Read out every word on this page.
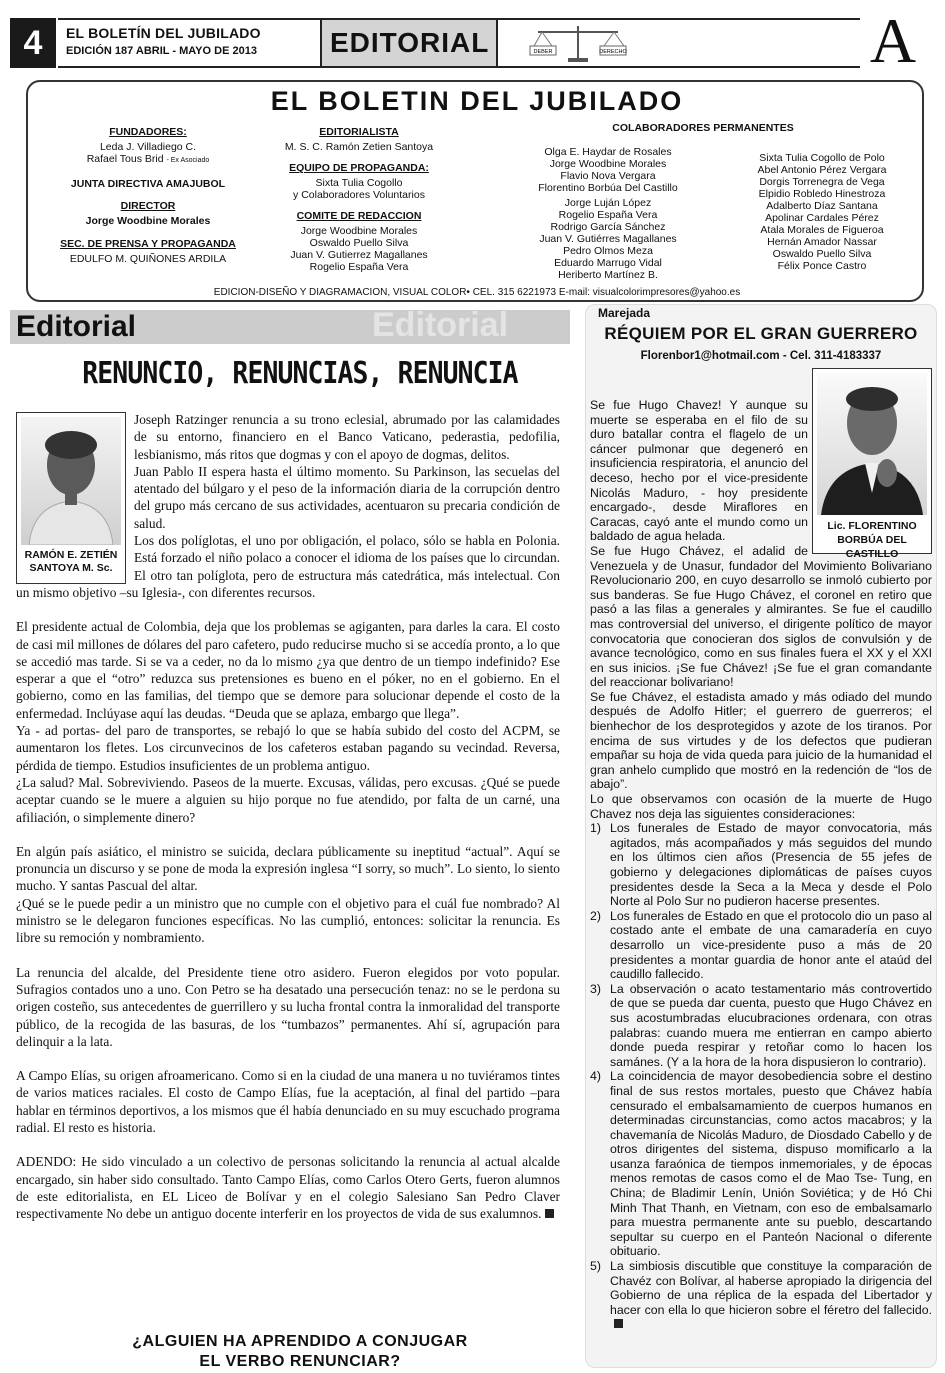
4	EL BOLETÍN DEL JUBILADO
EDICIÓN 187 ABRIL - MAYO DE 2013	EDITORIAL	DEBER	DERECHO	A
EL BOLETIN DEL JUBILADO
FUNDADORES:
Leda J. Villadiego C.
Rafael Tous Brid - Ex Asociado
JUNTA DIRECTIVA AMAJUBOL
DIRECTOR
Jorge Woodbine Morales
SEC. DE PRENSA Y PROPAGANDA
EDULFO M. QUIÑONES ARDILA
EDITORIALISTA
M. S. C. Ramón Zetien Santoya
EQUIPO DE PROPAGANDA:
Sixta Tulia Cogollo
y Colaboradores Voluntarios
COMITE DE REDACCION
Jorge Woodbine Morales
Oswaldo Puello Silva
Juan V. Gutierrez Magallanes
Rogelio España Vera
COLABORADORES PERMANENTES
Olga E. Haydar de Rosales
Jorge Woodbine Morales
Flavio Nova Vergara
Florentino Borbúa Del Castillo
Jorge Luján López
Rogelio España Vera
Rodrigo García Sánchez
Juan V. Gutiérres Magallanes
Pedro Olmos Meza
Eduardo Marrugo Vidal
Heriberto Martínez B.
Sixta Tulia Cogollo de Polo
Abel Antonio Pérez Vergara
Dorgis Torrenegra de Vega
Elpidio Robledo Hinestroza
Adalberto Díaz Santana
Apolinar Cardales Pérez
Atala Morales de Figueroa
Hernán Amador Nassar
Oswaldo Puello Silva
Félix Ponce Castro
EDICION-DISEÑO Y DIAGRAMACION, VISUAL COLOR• CEL. 315 6221973 E-mail: visualcolorimpresores@yahoo.es
Editorial
Editorial
RENUNCIO, RENUNCIAS, RENUNCIA
RAMÓN E. ZETIÉN
SANTOYA M. Sc.

Joseph Ratzinger renuncia a su trono eclesial, abrumado por las calamidades de su entorno, financiero en el Banco Vaticano, pederastia, pedofilia, lesbianismo, más ritos que dogmas y con el apoyo de dogmas, delitos.

Juan Pablo II espera hasta el último momento. Su Parkinson, las secuelas del atentado del búlgaro y el peso de la información diaria de la corrupción dentro del grupo más cercano de sus actividades, acentuaron su precaria condición de salud.

Los dos políglotas, el uno por obligación, el polaco, sólo se habla en Polonia. Está forzado el niño polaco a conocer el idioma de los países que lo circundan. El otro tan políglota, pero de estructura más catedrática, más intelectual. Con un mismo objetivo –su Iglesia-, con diferentes recursos.

El presidente actual de Colombia, deja que los problemas se agiganten, para darles la cara. El costo de casi mil millones de dólares del paro cafetero, pudo reducirse mucho si se accedía pronto, a lo que se accedió mas tarde. Si se va a ceder, no da lo mismo ¿ya que dentro de un tiempo indefinido? Ese esperar a que el “otro” reduzca sus pretensiones es bueno en el póker, no en el gobierno. En el gobierno, como en las familias, del tiempo que se demore para solucionar depende el costo de la enfermedad. Inclúyase aquí las deudas. “Deuda que se aplaza, embargo que llega”.

Ya - ad portas- del paro de transportes, se rebajó lo que se había subido del costo del ACPM, se aumentaron los fletes. Los circunvecinos de los cafeteros estaban pagando su vecindad. Reversa, pérdida de tiempo. Estudios insuficientes de un problema antiguo.

¿La salud? Mal. Sobreviviendo. Paseos de la muerte. Excusas, válidas, pero excusas. ¿Qué se puede aceptar cuando se le muere a alguien su hijo porque no fue atendido, por falta de un carné, una afiliación, o simplemente dinero?

En algún país asiático, el ministro se suicida, declara públicamente su ineptitud “actual”. Aquí se pronuncia un discurso y se pone de moda la expresión inglesa “I sorry, so much”. Lo siento, lo siento mucho. Y santas Pascual del altar.

¿Qué se le puede pedir a un ministro que no cumple con el objetivo para el cuál fue nombrado? Al ministro se le delegaron funciones específicas. No las cumplió, entonces: solicitar la renuncia. Es libre su remoción y nombramiento.

La renuncia del alcalde, del Presidente tiene otro asidero. Fueron elegidos por voto popular. Sufragios contados uno a uno. Con Petro se ha desatado una persecución tenaz: no se le perdona su origen costeño, sus antecedentes de guerrillero y su lucha frontal contra la inmoralidad del transporte público, de la recogida de las basuras, de los “tumbazos” permanentes. Ahí sí, agrupación para delinquir a la lata.

A Campo Elías, su origen afroamericano. Como si en la ciudad de una manera u no tuviéramos tintes de varios matices raciales. El costo de Campo Elías, fue la aceptación, al final del partido –para hablar en términos deportivos, a los mismos que él había denunciado en su muy escuchado programa radial. El resto es historia.

ADENDO: He sido vinculado a un colectivo de personas solicitando la renuncia al actual alcalde encargado, sin haber sido consultado. Tanto Campo Elías, como Carlos Otero Gerts, fueron alumnos de este editorialista, en EL Liceo de Bolívar y en el colegio Salesiano San Pedro Claver respectivamente No debe un antiguo docente interferir en los proyectos de vida de sus exalumnos.

¿ALGUIEN HA APRENDIDO A CONJUGAR
EL VERBO RENUNCIAR?
Marejada
RÉQUIEM POR EL GRAN GUERRERO
Florenbor1@hotmail.com - Cel. 311-4183337
Lic. FLORENTINO
BORBÚA DEL CASTILLO

Se fue Hugo Chavez! Y aunque su muerte se esperaba en el filo de su duro batallar contra el flagelo de un cáncer pulmonar que degeneró en insuficiencia respiratoria, el anuncio del deceso, hecho por el vice-presidente Nicolás Maduro, - hoy presidente encargado-, desde Miraflores en Caracas, cayó ante el mundo como un baldado de agua helada.

Se fue Hugo Chávez, el adalid de Venezuela y de Unasur, fundador del Movimiento Bolivariano Revolucionario 200, en cuyo desarrollo se inmoló cubierto por sus banderas. Se fue Hugo Chávez, el coronel en retiro que pasó a las filas a generales y almirantes. Se fue el caudillo mas controversial del universo, el dirigente político de mayor convocatoria que conocieran dos siglos de convulsión y de avance tecnológico, como en sus finales fuera el XX y el XXI en sus inicios. ¡Se fue Chávez! ¡Se fue el gran comandante del reaccionar bolivariano!

Se fue Chávez, el estadista amado y más odiado del mundo después de Adolfo Hitler; el guerrero de guerreros; el bienhechor de los desprotegidos y azote de los tiranos. Por encima de sus virtudes y de los defectos que pudieran empañar su hoja de vida queda para juicio de la humanidad el gran anhelo cumplido que mostró en la redención de “los de abajo”.

Lo que observamos con ocasión de la muerte de Hugo Chavez nos deja las siguientes consideraciones:

1) Los funerales de Estado de mayor convocatoria, más agitados, más acompañados y más seguidos del mundo en los últimos cien años (Presencia de 55 jefes de gobierno y delegaciones diplomáticas de países cuyos presidentes desde la Seca a la Meca y desde el Polo Norte al Polo Sur no pudieron hacerse presentes.
2) Los funerales de Estado en que el protocolo dio un paso al costado ante el embate de una camaradería en cuyo desarrollo un vice-presidente puso a más de 20 presidentes a montar guardia de honor ante el ataúd del caudillo fallecido.
3) La observación o acato testamentario más controvertido de que se pueda dar cuenta, puesto que Hugo Chávez en sus acostumbradas elucubraciones ordenara, con otras palabras: cuando muera me entierran en campo abierto donde pueda respirar y retoñar como lo hacen los samánes. (Y a la hora de la hora dispusieron lo contrario).
4) La coincidencia de mayor desobediencia sobre el destino final de sus restos mortales, puesto que Chávez había censurado el embalsamamiento de cuerpos humanos en determinadas circunstancias, como actos macabros; y la chavemanía de Nicolás Maduro, de Diosdado Cabello y de otros dirigentes del sistema, dispuso momificarlo a la usanza faraónica de tiempos inmemoriales, y de épocas menos remotas de casos como el de Mao Tse- Tung, en China; de Bladimir Lenín, Unión Soviética; y de Hó Chi Minh That Thanh, en Vietnam, con eso de embalsamarlo para muestra permanente ante su pueblo, descartando sepultar su cuerpo en el Panteón Nacional o diferente obituario.
5) La simbiosis discutible que constituye la comparación de Chavéz con Bolívar, al haberse apropiado la dirigencia del Gobierno de una réplica de la espada del Libertador y hacer con ella lo que hicieron sobre el féretro del fallecido.
